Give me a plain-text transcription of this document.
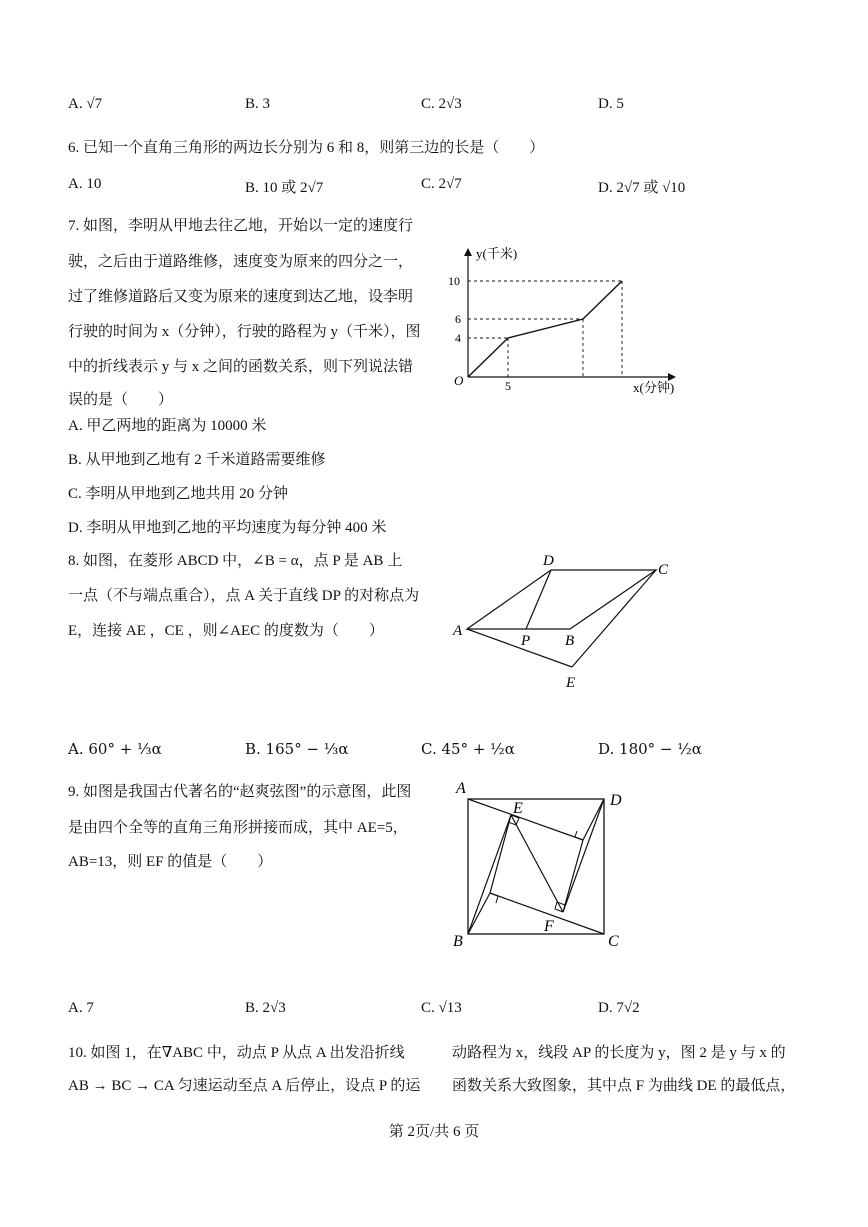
A. √7	B. 3	C. 2√3	D. 5
6. 已知一个直角三角形的两边长分别为 6 和 8，则第三边的长是（　　）
A. 10	B. 10 或 2√7	C. 2√7	D. 2√7 或 √10
7. 如图，李明从甲地去往乙地，开始以一定的速度行
驶，之后由于道路维修，速度变为原来的四分之一，
过了维修道路后又变为原来的速度到达乙地，设李明
行驶的时间为 x（分钟），行驶的路程为 y（千米），图
中的折线表示 y 与 x 之间的函数关系，则下列说法错
误的是（　　）
A. 甲乙两地的距离为 10000 米
B. 从甲地到乙地有 2 千米道路需要维修
C. 李明从甲地到乙地共用 20 分钟
D. 李明从甲地到乙地的平均速度为每分钟 400 米
y(千米)
x(分钟)
O
10
6
4
5
8. 如图，在菱形 ABCD 中，∠B = α，点 P 是 AB 上
一点（不与端点重合），点 A 关于直线 DP 的对称点为
E，连接 AE ，CE ，则∠AEC 的度数为（　　）	A
B
C
D
P
E
A. 60° + ⅓α	B. 165° − ⅓α	C. 45° + ½α	D. 180° − ½α
9. 如图是我国古代著名的“赵爽弦图”的示意图，此图
是由四个全等的直角三角形拼接而成，其中 AE=5，
AB=13，则 EF 的值是（　　）
A
D
B	C
E
F
A. 7	B. 2√3	C. √13	D. 7√2
10. 如图 1，在∇ABC 中，动点 P 从点 A 出发沿折线
AB → BC → CA 匀速运动至点 A 后停止，设点 P 的运
动路程为 x，线段 AP 的长度为 y，图 2 是 y 与 x 的
函数关系大致图象，其中点 F 为曲线 DE 的最低点，
第 2页/共 6 页
